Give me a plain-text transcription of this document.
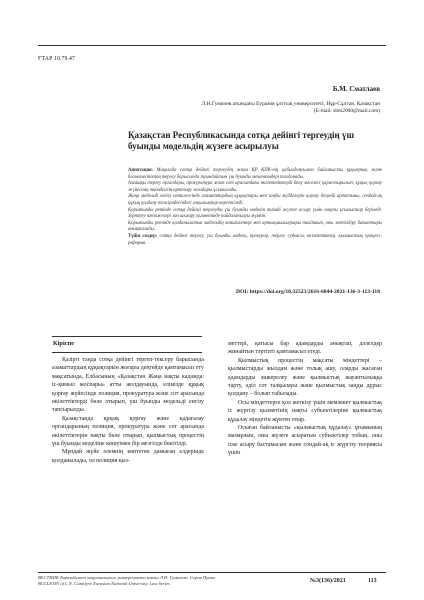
ҒТАР 10.79.47
Б.М. Сматлаев
Л.Н.Гумилев атындағы Еуразия ұлттық университеті, Нұр-Сұлтан, Қазақстан
(E-mail: sbm2000@mail.com)
Қазақстан Республикасында сотқа дейінгі тергеудің үш
буынды модельдің жүзеге асырылуы

Аннотация. Мақалада сотқа дейінгі тергеудің жаңа ҚР ҚПК-нің қабылдануымен байланысты құқықтық және бәсекелестіктің тергеу барысында туындайтын үш буынды механизмдері талданады.

Алғашқы тергеу органдары, прокуратура және сот арасындағы өкілеттіктерді бөлу мәселесі қарастырылып, құқық қорғау жүйесінің тиімділігін арттыру жолдары ұсынылады.

Жаңа модельді енгізу нәтижесінде азаматтардың құқықтары мен заңды мүдделерін қорғау деңгейі артатыны, сондай-ақ құқық қолдану тәжірибесіндегі олқылықтар көрсетіледі.

Қорытынды ретінде сотқа дейінгі тергеудің үш буынды моделін тиімді жүзеге асыру үшін нақты ұсыныстар беріледі. Зерттеу нәтижелері заң шығару қызметінде пайдаланылуы мүмкін.

Қорытынды ретінде қолданылатын модельдің кемшіліктері мен артықшылықтары талданып, оны жетілдіру бағыттары анықталады.

Түйін сөздер: сотқа дейінгі тергеу, үш буынды модель, прокурор, тергеу судьясы, өкілеттіктер, қылмыстық процесс, реформа.

DOI: https://doi.org/10.32523/2616-6844-2021-136-3-113-118
Кіріспе

Қазіргі таңда сотқа дейінгі тергеп-тексеру барысында азаматтардың құқықтарын жоғары деңгейде қамтамасыз ету мақсатында, Елбасының «Қазақстан Жаңа нақты кадамда: іс-қимыл жоспары» атты жолдауында, елімізде құқық қорғау жүйесінде полиция, прокуратура және сот арасында өкілеттіктерді бөле отырып, үш буынды модельді енгізу тапсырылды.

Қазақстанда құқық қорғау және қадағалау органдарының полиция, прокуратура және сот арасында өкілеттіктерін нақты бөле отырып, қылмыстық процестің үш буынды моделіне көшуімен бір мезгілде бекітілді.

Мұндай жүйе әлемнің көптеген дамыған елдерінде қолданылады, ол полиция қыз-

меттері, қатысы бар адамдарды анықтап, дәлелдер жинайтын тәртіпті қамтамасыз етеді.

Қылмыстық процестің мақсаты міндеттері – қылмыстарды жылдам және толық ашу, оларды жасаған адамдарды әшкерелеу және қылмыстық жауаптылыққа тарту, әділ сот талқылауы және қылмыстық заңды дұрыс қолдану – болып табылады.

Осы міндеттерге қол жеткізу үшін мемлекет қылмыстық іс жүргізу қызметінің нақты субъектілеріне қылмыстық құдалау міндетін жүктеп отыр.

Осыған байланысты «қылмыстық құдалау» ұғымының мазмұнын, оны жүзеге асыратын субъектілер тобын, оны іске асыру бастамасын және сондай-ақ іс жүргізу теориясы үшін

ВЕСТНИК Евразийского национального университета имени Л.Н. Гумилева. Серия Право
BULLETIN of L.N. Gumilyov Eurasian National University. Law Series	№3(136)/2021	113
